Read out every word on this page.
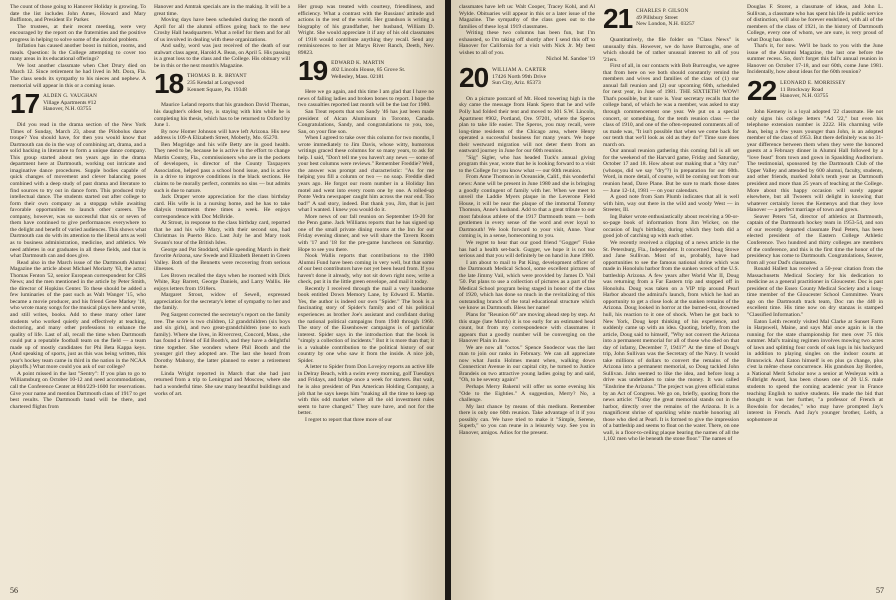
The count of those going to Hanover Holiday is growing. To date the list includes John Ames, Howard and Mary Buffinton, and President Ev Parker.

The trustees, at their recent meeting, were very encouraged by the report on the fraternities and the positive progress in helping to solve some of the alcohol problem.

Inflation has caused another boost in tuition, rooms, and meals. Question: Is the College attempting to cover too many areas in its educational offerings?

We lost another classmate when Chet Drury died on March 12. Since retirement he had lived in Mt. Dora, Fla. The class sends its sympathy to his nieces and nephew. A memorial will appear in this or a coming issue.

17 ALDEN G. VAUGHAN
Village Apartments #12
Hanover, N.H. 03755

Did you read in the drama section of the New York Times of Sunday, March 23, about the Pilobolus dance troupe? You should have, for then you would know that Dartmouth can do in the way of combining art, drama, and a solid backing in literature to form a unique dance company. This group started about ten years ago in the drama department here at Dartmouth, working out intricate and imaginative dance procedures. Supple bodies capable of quick changes of movement and clever balancing poses combined with a deep study of past drama and literature to find sources to try out in dance form. This produced truly intellectual dance. The students started out after college to form their own company as a stopgap while awaiting favorable opportunities to launch other careers. The company, however, was so successful that six or seven of them have continued to give performances everywhere to the delight and benefit of varied audiences. This shows what Dartmouth can do with its attention to the liberal arts as well as to business administration, medicine, and athletics. We need athletes in our graduates in all these fields, and that is what Dartmouth can and does give.

Read also in the March issue of the Dartmouth Alumni Magazine the article about Michael Moriarty '63, the actor; Thomas Fenton '52, senior European correspondent for CBS News; and the men mentioned in the article by Peter Smith, the director of Hopkins Center. To these should be added a few luminaries of the past such as Walt Wanger '15, who became a movie producer, and his friend Gene Markey '18, who wrote many songs for the musical plays here and wrote, and still writes, books. Add to these many other later students who worked quietly and effectively at teaching, doctoring, and many other professions to enhance the quality of life. Last of all, recall the time when Dartmouth could put a reputable football team on the field — a team made up of mostly candidates for Phi Beta Kappa keys. (And speaking of sports, just as this was being written, this year's hockey team came in third in the nation in the NCAA playoffs.) What more could you ask of our college?

A point missed in the last "Sentry": If you plan to go to Williamsburg on October 10-12 and need accommodations, call the Conference Center at 804/229-1600 for reservations. Give your name and mention Dartmouth class of 1917 to get best results. The Dartmouth band will be there, and chartered flights from

Hanover and Amtrak specials are in the making. It will be a great time.

Moving days have been scheduled during the month of April for all the alumni offices going back to the new Crosby Hall headquarters. What a relief for them and for all of us involved in dealing with these organizations.

And sadly, word was just received of the death of our stalwart class agent, Harold A. Bean, on April 5. His passing is a great loss to the class and the College. His obituary will be in this or the next month's Magazine.

18 THOMAS B. R. BRYANT
235 Kendal at Longwood
Kennett Square, Pa. 19348

Maurice Leland reports that his grandson David Thomas, his daughter's oldest boy, is staying with him while he is completing his thesis, which has to be returned to Oxford by June 1.

By now Homer Johnson will have left Arizona. His new address is 109-A Elizabeth Street, Moberly, Mo. 65270.

Ben Mogridge and his wife Betty are in good health. They need to be, because he is active in the effort to change Martin County, Fla., commissioners who are in the pockets of developers, is director of the County Taxpayers Association, helped pass a school bond issue, and is active in a drive to improve conditions in the black sections. He claims to be morally perfect, commits no sins — but admits such is due to nature.

Jack Draper wrote appreciation for the class birthday card. His wife is in a nursing home, and he has to take dialysis treatments three times a week. He enjoys correspondence with Doc McBride.

At Strout, in response to the class birthday card, reported that he and his wife Mary, with their second son, had Christmas in Puerto Rico. Last July he and Mary took Swann's tour of the British Isles.

George and Pat Stoddard, while spending March in their favorite Arizona, saw Swede and Elizabeth Bennett in Green Valley. Both of the Bennetts were recovering from serious illnesses.

Les Brown recalled the days when he roomed with Dick White, Ray Barrett, George Daniels, and Larry Wallis. He enjoys letters from 1918ers.

Margaret Strout, widow of Sewell, expressed appreciation for the secretary's letter of sympathy to her and the family.

Peg Sargent corrected the secretary's report on the family tree. The score is two children, 12 grandchildren (six boys and six girls), and two great-grandchildren (one to each family). Where she lives, in Rivercrest, Concord, Mass., she has found a friend of Ed Booth's, and they have a delightful time together. She wonders where Phil Booth and the younger girl they adopted are. The last she heard from Dorothy Mahony, the latter planned to enter a retirement home.

Linda Wright reported in March that she had just returned from a trip to Leningrad and Moscow, where she had a wonderful time. She saw many beautiful buildings and works of art.

Her group was treated with courtesy, friendliness, and efficiency. What a contrast with the Russians' attitude and actions in the rest of the world. Her grandson is writing a biography of his grandfather, her husband, William D. Wright. She would appreciate it if any of his old classmates of 1918 would contribute anything they recall. Send any reminiscences to her at Marys River Ranch, Deeth, Nev. 89823.

19 EDWARD K. MARTIN
402 Lincoln House, 85 Grove St.
Wellesley, Mass. 02181

Here we go again, and this time I am glad that I have no news of falling ladies and broken bones to report. I hope the two casualties reported last month will be the last for 1980.

San Treat reports that son Sandy '46 has just been made president of Alcan Aluminum in Toronto, Canada. Congratulations, Sandy, and congratulations to you, too, San, on your fine son.

When I agreed to take over this column for two months, I wrote immediately to Jim Davis, whose witty, humorous writings graced these columns for so many years, to ask for help. I said, "Don't tell me you haven't any news — some of your best columns were reviews." Remember Freddie? Well, the answer was prompt and characteristic: "As for me helping you fill a column or two — no soap. Freddie died years ago. He forgot our room number in a Holiday Inn motel and went into every room one by one. A rolled-up Ponte Vedra newspaper caught him across the rear end. Too bad!" A sad story, indeed. But thank you, Jim, that is just what I wanted. I knew you would do it.

More news of our fall reunion on September 19-20 for the Penn game. Jack Williams reports that he has signed up one of the small private dining rooms at the Inn for our Friday evening dinner, and we will share the Tavern Room with '17 and '18 for the pre-game luncheon on Saturday. Hope to see you there.

Nook Wallis reports that contributions to the 1980 Alumni Fund have been coming in very well, but that some of our best contributors have not yet been heard from. If you haven't done it already, why not sit down right now, write a check, put it in the little green envelope, and mail it today.

Recently I received through the mail a very handsome book entitled Down Memory Lane, by Edward E. Martin. Yes, the author is indeed our own "Spider." The book is a fascinating story of Spider's family and of his political experiences as brother Joe's assistant and confidant during the national political campaigns from 1940 through 1960. The story of the Eisenhower campaigns is of particular interest. Spider says in the introduction that the book is "simply a collection of incidents." But it is more than that; it is a valuable contribution to the political history of our country by one who saw it from the inside. A nice job, Spider.

A letter to Spider from Don Lovejoy reports an active life in Delray Beach, with a swim every morning, golf Tuesdays and Fridays, and bridge once a week for starters. But wait, he is also president of Pan American Holding Company, a job that he says keeps him "making all the time to keep up with this odd market where all the old investment rules seem to have changed." They sure have, and not for the better.

I regret to report that three more of our

56

classmates have left us: Walt Cooper, Tracey Kohl, and Al Wylde. Obituaries will appear in this or a later issue of the Magazine. The sympathy of the class goes out to the families of these loyal 1919 classmates.

Writing these two columns has been fun, but I'm exhausted, so I'm taking off shortly after I send this off to Hanover for California for a visit with Nick Jr. My best wishes to all of you.

Nichol M. Sandoe '19

20 WILLIAM A. CARTER
17426 North 99th Drive
Sun City, Ariz. 85373

On a picture postcard of Mt. Hood towering high in the sky came the message from Hank Spero that he and wife Polly had folded their tent and moved to 301 S.W. Lincoln, Apartment #902, Portland, Ore. 97201, where the Speros plan to take life easier. The Speros, you may recall, were long-time residents of the Chicago area, where Henry operated a successful business for many years. We hope their westward migration will not deter them from an eastward journey in June for our 60th reunion.

"Sig" Sigler, who has headed Tuck's annual giving program this year, wrote that he is looking forward to a visit to the College for you know what — our 60th reunion.

From Anne Thomson in Oceanside, Calif., this wonderful news: Anne will be present in June 1980 and she is bringing a goodly contingent of family with her. When we meet to unveil the Laddie Myers plaque in the Leverone Field House, it will be near the plaque of the immortal Tommy Thomson, Anne's husband. Add to that a great tribute to our most fabulous athlete of the 1917 Dartmouth team — both gentlemen in every sense of the word and ever loyal to Dartmouth! We look forward to your visit, Anne. Your coming is, in a sense, homecoming to you.

We regret to hear that our good friend "Gogger" Fiske has had a health set-back. Gugger, we hope it is not too serious and that you will definitely be on hand in June 1980.

I am about to mail to Pat King, development officer of the Dartmouth Medical School, some excellent pictures of the late Jimmy Vail, which were provided by James D. Vail '50. Pat plans to use a collection of pictures as a part of the Medical School program being staged in honor of the class of 1920, which has done so much in the revitalizing of this outstanding branch of the total educational structure which we know as Dartmouth. Bless her name!

Plans for "Reunion 60" are moving ahead step by step. At this stage (late March) it is too early for an estimated head count, but from my correspondence with classmates it appears that a goodly number will be converging on the Hanover Plain in June.

We are now all "octos." Spence Snodecor was the last man to join our ranks in February. We can all appreciate now what Justin Holmes meant when, walking down Connecticut Avenue in our capital city, he turned to Justice Brandeis on two attractive young ladies going by and said, "Oh, to be seventy again!"

Perhaps Merry Bakeml will offer us some evening his "Ode to the Eighties." A suggestion, Merry? No, a challenge.

My last chance by means of this medium. Remember there is only one 60th reunion. Take advantage of it if you possibly can. We have tried to make it "Simple, Serene, Superb," so you can reune in a leisurely way. See you in Hanover, amigos. Adios for the present.

21 CHARLES P. GILSON
49 Pillsbury Street
New London, N.H. 03257

Quantitatively, the file folder on "Class News" is unusually thin. However, we do have Burroughs, one of which should be of rather unusual interest to all of you '21ers.

First of all, in our contacts with Bob Burroughs, we agree that from here on we both should constantly remind the members and wives and families of the class of (1) our annual fall reunion and (2) our upcoming 60th, scheduled for next year, in June of 1981. THE SIXTIETH! WOW! That's possible, but it sure is. Your secretary recalls that the college band, of which he was a member, was asked to stay through commencement one year. We put on a special concert, or something, for the tenth reunion class — the class of 1910, and one of the often-repeated comments all of us made was, "It isn't possible that when we come back for our tenth that we'll look as old as they do!" Time sure does march on.

Our annual reunion gathering this coming fall is all set for the weekend of the Harvard game, Friday and Saturday, October 17 and 18. How about our making that a "dry run" (whoops, did we say "dry"?) in preparation for our 60th. Word, in more detail, of course, will be coming out from our reunion head, Dave Plane. But be sure to mark those dates — June 12-14, 1981 — on your calendars.

A good note from Sam Plumb indicates that all is well with him, way out there in the wild and wooly West — in Streeter, Ill.

Ing Baker wrote enthusiastically about receiving a 90-or-so-page book of information from Jim Wicker, on the occasion of Ing's birthday, during which they both did a good job of catching up with each other.

We recently received a clipping of a news article in the St. Petersburg, Fla., Independent. It concerned Doug Stowe and Jane Sullivan. Most of us, probably, have had opportunities to see the famous national shrine which was made in Honolulu harbor from the sunken wreck of the U.S. battleship Arizona. A few years after World War II, Doug was returning from a Far Eastern trip and stopped off in Honolulu. Doug was taken on a VIP trip around Pearl Harbor aboard the admiral's launch, from which he had an opportunity to get a close look at the sunken remains of the Arizona. Doug looked in horror at the burned-out, drowned hull, his reaction to it one of shock. When he got back to New York, Doug kept thinking of his experience, and suddenly came up with an idea. Quoting, briefly, from the article, Doug said to himself, "Why not convert the Arizona into a permanent memorial for all of those who died on that day of infamy, December 7, 1941?" At the time of Doug's trip, John Sullivan was the Secretary of the Navy. It would take millions of dollars to convert the remains of the Arizona into a permanent memorial, so Doug tackled John Sullivan. John seemed to like the idea, and before long a drive was undertaken to raise the money. It was called "Enshrine the Arizona." The project was given official status by an Act of Congress. We go on, briefly, quoting from the news article: "Today the great memorial stands out in the harbor, directly over the remains of the Arizona. It is a magnificent shrine of sparkling white marble honoring all those who died at Pearl. It is formed to give the impression of a battleship and seems to float on the water. There, on one wall, is a floor-to-ceiling plaque bearing the names of all the 1,102 men who lie beneath the stone floor." The names of

Douglas F. Storer, a classmate of ideas, and John L. Sullivan, a classmate who has spent his life in public service of distinction, will also be forever enshrined, with all of the members of the class of 1921, in the history of Dartmouth College, every one of whom, we are sure, is very proud of what Doug has done.

That's it, for now. We'll be back to you with the June issue of the Alumni Magazine, the last one before the summer recess. So, don't forget this fall's annual reunion in Hanover on October 17-18, and our 60th, come June 1981. Incidentally, how about ideas for the 60th reunion?

22 LEONARD E. MORRISSEY
11 Brockway Road
Hanover, N.H. 03755

John Kemeny is a loyal adopted '22 classmate. He not only signs his college letters "Ad '22," but even his telephone extension number is 2222. His charming wife Jean, being a few years younger than John, is an adopted member of the class of 1953. But there definitely was no 31-year difference between them when they were the honored guests at a February dinner in Alumni Hall followed by a "love feast" from town and gown in Spaulding Auditorium. The testimonial, sponsored by the Dartmouth Club of the Upper Valley and attended by 600 alumni, faculty, students, and other friends, marked John's tenth year as Dartmouth president and more than 25 years of teaching at the College. More about this happy occasion will surely appear elsewhere, but all Twoeers will delight in knowing that whatever certainly loves the Kemenys and that they love Hanover — a perfect marriage of town and gown.

Seaver Peters '54, director of athletics at Dartmouth, captain of the Dartmouth hockey team in 1953-54, and son of our recently departed classmate Paul Peters, has been elected president of the Eastern College Athletic Conference. Two hundred and thirty colleges are members of the conference, and this is the first time the honor of the presidency has come to Dartmouth. Congratulations, Seaver, from all your Dad's classmates.

Ronald Hallett has received a 50-year citation from the Massachusetts Medical Society for his dedication to medicine as a general practitioner in Gloucester. Doc is past president of the Essex County Medical Society and a long-time member of the Gloucester School Committee. Years ago on the Dartmouth track team, Doc ran the 440 in excellent time. His time now on dry stanzas is stamped "Classified Information."

Eaton Leith recently visited Mal Clarke at Sunset Farm in Harpswell, Maine, and says Mal once again is in the running for the state championship for men over 75 this summer. Mal's training regimen involves mowing two acres of lawn and splitting four cords of oak logs in his backyard in addition to playing singles on the indoor courts at Brunswick. And Eaton himself is en plus ça change, plus c'est la même chose concurrence. His grandson Jay Borden, a National Merit Scholar now a senior at Wesleyan with a Fulbright Award, has been chosen one of 20 U.S. male students to spend the coming academic year in France teaching English to native students. He made the bid that thought it was her further, "a professor of French at Bowdoin for decades," who may have prompted Jay's interest in French. And Jay's younger brother, Leith, a sophomore at

57
